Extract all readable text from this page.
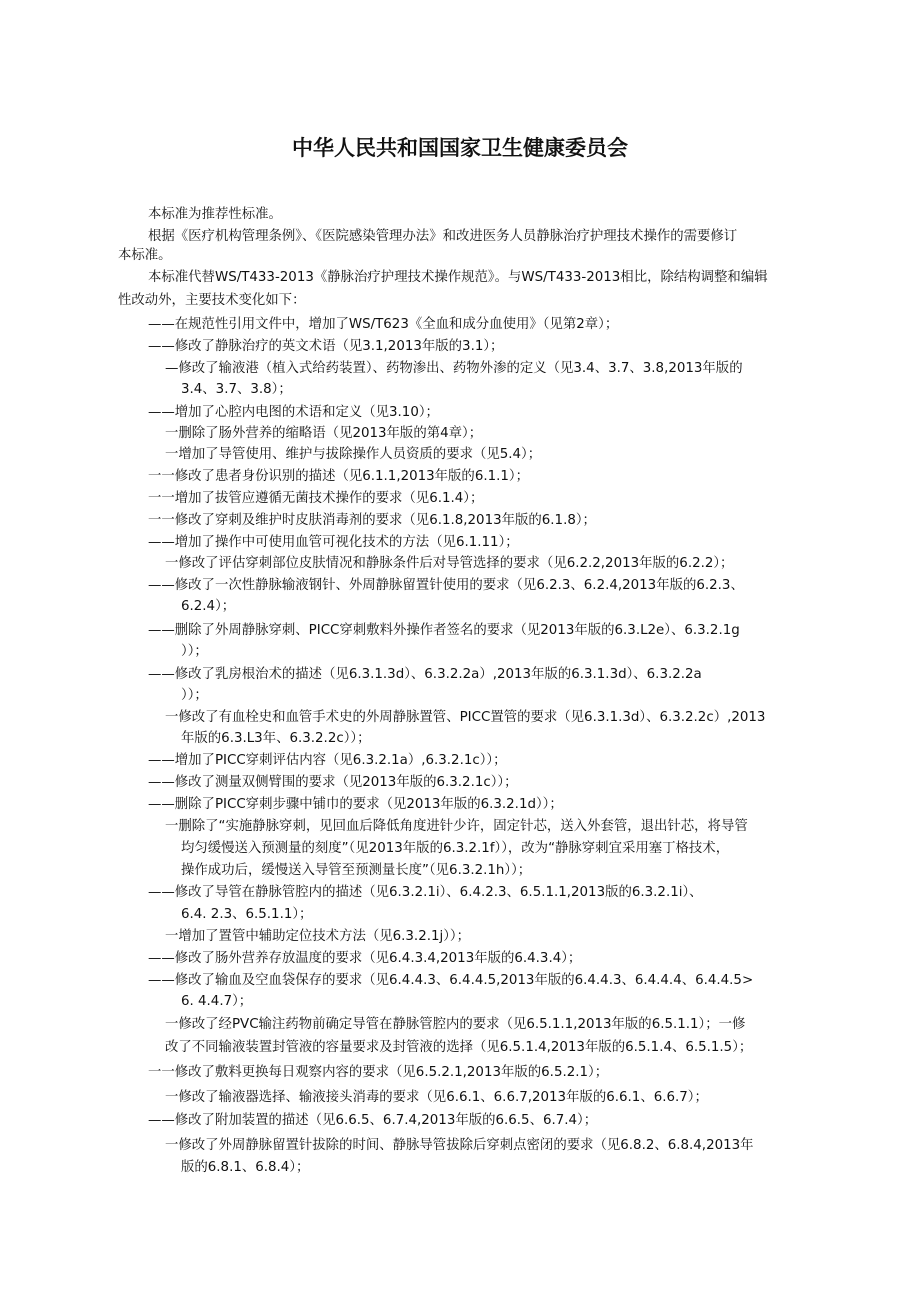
中华人民共和国国家卫生健康委员会
本标准为推荐性标准。
根据《医疗机构管理条例》、《医院感染管理办法》和改进医务人员静脉治疗护理技术操作的需要修订
本标准。
本标准代替WS/T433-2013《静脉治疗护理技术操作规范》。与WS/T433-2013相比，除结构调整和编辑
性改动外，主要技术变化如下：
——在规范性引用文件中，增加了WS/T623《全血和成分血使用》（见第2章）；
——修改了静脉治疗的英文术语（见3.1,2013年版的3.1）；
—修改了输液港（植入式给药装置）、药物渗出、药物外渗的定义（见3.4、3.7、3.8,2013年版的
3.4、3.7、3.8）；
——增加了心腔内电图的术语和定义（见3.10）；
一删除了肠外营养的缩略语（见2013年版的第4章）；
一增加了导管使用、维护与拔除操作人员资质的要求（见5.4）；
一一修改了患者身份识别的描述（见6.1.1,2013年版的6.1.1）；
一一增加了拔管应遵循无菌技术操作的要求（见6.1.4）；
一一修改了穿刺及维护时皮肤消毒剂的要求（见6.1.8,2013年版的6.1.8）；
——增加了操作中可使用血管可视化技术的方法（见6.1.11）；
一修改了评估穿刺部位皮肤情况和静脉条件后对导管选择的要求（见6.2.2,2013年版的6.2.2）；
——修改了一次性静脉输液钢针、外周静脉留置针使用的要求（见6.2.3、6.2.4,2013年版的6.2.3、
6.2.4）；
——删除了外周静脉穿刺、PICC穿刺敷料外操作者签名的要求（见2013年版的6.3.L2e）、6.3.2.1g
））；
——修改了乳房根治术的描述（见6.3.1.3d）、6.3.2.2a）,2013年版的6.3.1.3d）、6.3.2.2a
））；
一修改了有血栓史和血管手术史的外周静脉置管、PICC置管的要求（见6.3.1.3d）、6.3.2.2c）,2013
年版的6.3.L3年、6.3.2.2c））；
——增加了PICC穿刺评估内容（见6.3.2.1a）,6.3.2.1c））；
——修改了测量双侧臂围的要求（见2013年版的6.3.2.1c））；
——删除了PICC穿刺步骤中铺巾的要求（见2013年版的6.3.2.1d））；
一删除了“实施静脉穿刺，见回血后降低角度进针少许，固定针芯，送入外套管，退出针芯，将导管
均匀缓慢送入预测量的刻度”（见2013年版的6.3.2.1f）），改为“静脉穿刺宜采用塞丁格技术，
操作成功后，缓慢送入导管至预测量长度”（见6.3.2.1h））；
——修改了导管在静脉管腔内的描述（见6.3.2.1i）、6.4.2.3、6.5.1.1,2013版的6.3.2.1i）、
6.4. 2.3、6.5.1.1）；
一增加了置管中辅助定位技术方法（见6.3.2.1j））；
——修改了肠外营养存放温度的要求（见6.4.3.4,2013年版的6.4.3.4）；
——修改了输血及空血袋保存的要求（见6.4.4.3、6.4.4.5,2013年版的6.4.4.3、6.4.4.4、6.4.4.5>
6. 4.4.7）；
一修改了经PVC输注药物前确定导管在静脉管腔内的要求（见6.5.1.1,2013年版的6.5.1.1）；一修
改了不同输液装置封管液的容量要求及封管液的选择（见6.5.1.4,2013年版的6.5.1.4、6.5.1.5）；
一一修改了敷料更换每日观察内容的要求（见6.5.2.1,2013年版的6.5.2.1）；
一修改了输液器选择、输液接头消毒的要求（见6.6.1、6.6.7,2013年版的6.6.1、6.6.7）；
——修改了附加装置的描述（见6.6.5、6.7.4,2013年版的6.6.5、6.7.4）；
一修改了外周静脉留置针拔除的时间、静脉导管拔除后穿刺点密闭的要求（见6.8.2、6.8.4,2013年
版的6.8.1、6.8.4）；
